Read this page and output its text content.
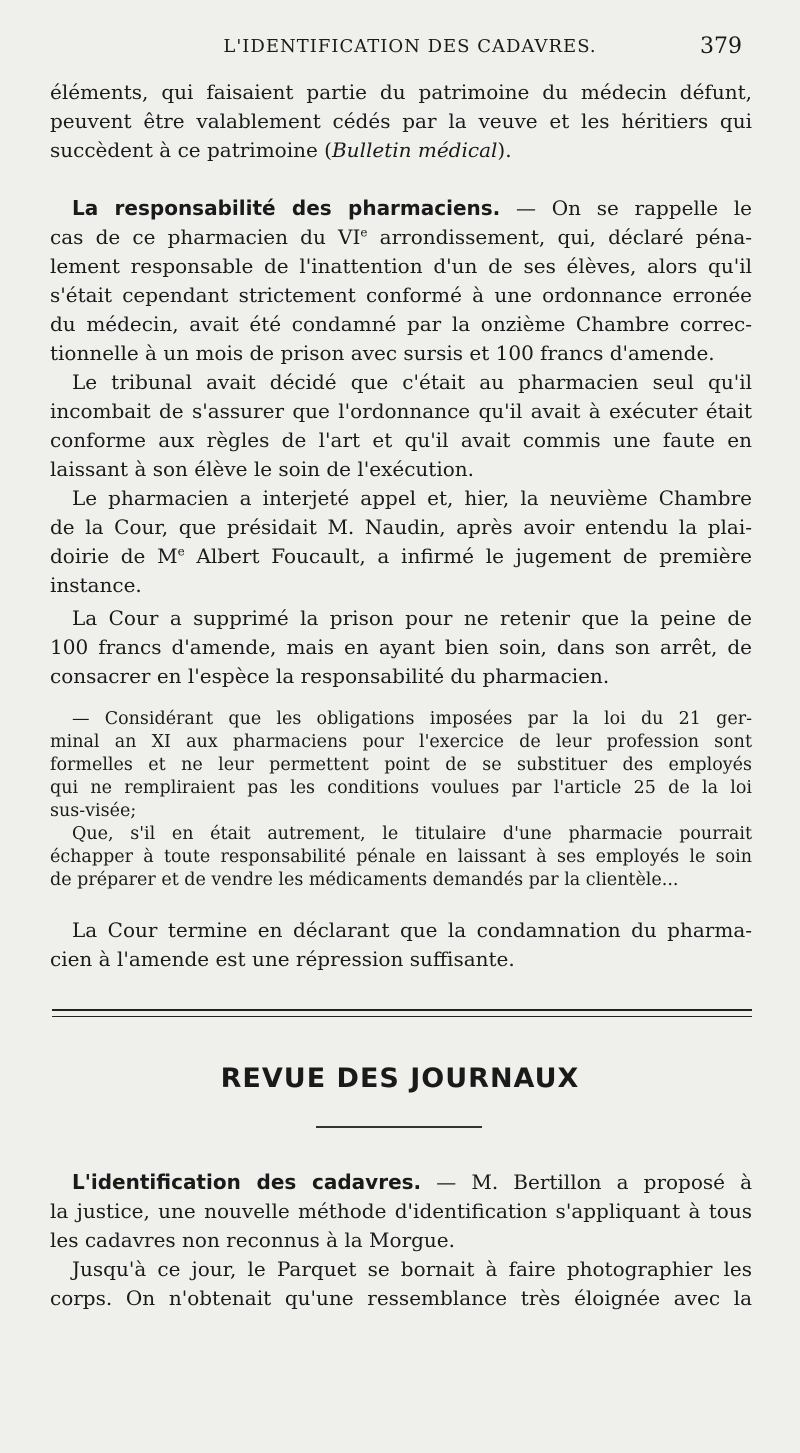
L'IDENTIFICATION DES CADAVRES.	379
éléments, qui faisaient partie du patrimoine du médecin défunt,
peuvent être valablement cédés par la veuve et les héritiers qui
succèdent à ce patrimoine (Bulletin médical).
La responsabilité des pharmaciens. — On se rappelle le
cas de ce pharmacien du VIe arrondissement, qui, déclaré péna-
lement responsable de l'inattention d'un de ses élèves, alors qu'il
s'était cependant strictement conformé à une ordonnance erronée
du médecin, avait été condamné par la onzième Chambre correc-
tionnelle à un mois de prison avec sursis et 100 francs d'amende.
Le tribunal avait décidé que c'était au pharmacien seul qu'il
incombait de s'assurer que l'ordonnance qu'il avait à exécuter était
conforme aux règles de l'art et qu'il avait commis une faute en
laissant à son élève le soin de l'exécution.
Le pharmacien a interjeté appel et, hier, la neuvième Chambre
de la Cour, que présidait M. Naudin, après avoir entendu la plai-
doirie de Me Albert Foucault, a infirmé le jugement de première
instance.
La Cour a supprimé la prison pour ne retenir que la peine de
100 francs d'amende, mais en ayant bien soin, dans son arrêt, de
consacrer en l'espèce la responsabilité du pharmacien.
— Considérant que les obligations imposées par la loi du 21 ger-
minal an XI aux pharmaciens pour l'exercice de leur profession sont
formelles et ne leur permettent point de se substituer des employés
qui ne rempliraient pas les conditions voulues par l'article 25 de la loi
sus-visée;
Que, s'il en était autrement, le titulaire d'une pharmacie pourrait
échapper à toute responsabilité pénale en laissant à ses employés le soin
de préparer et de vendre les médicaments demandés par la clientèle...
La Cour termine en déclarant que la condamnation du pharma-
cien à l'amende est une répression suffisante.
REVUE DES JOURNAUX
L'identification des cadavres. — M. Bertillon a proposé à
la justice, une nouvelle méthode d'identification s'appliquant à tous
les cadavres non reconnus à la Morgue.
Jusqu'à ce jour, le Parquet se bornait à faire photographier les
corps. On n'obtenait qu'une ressemblance très éloignée avec la
